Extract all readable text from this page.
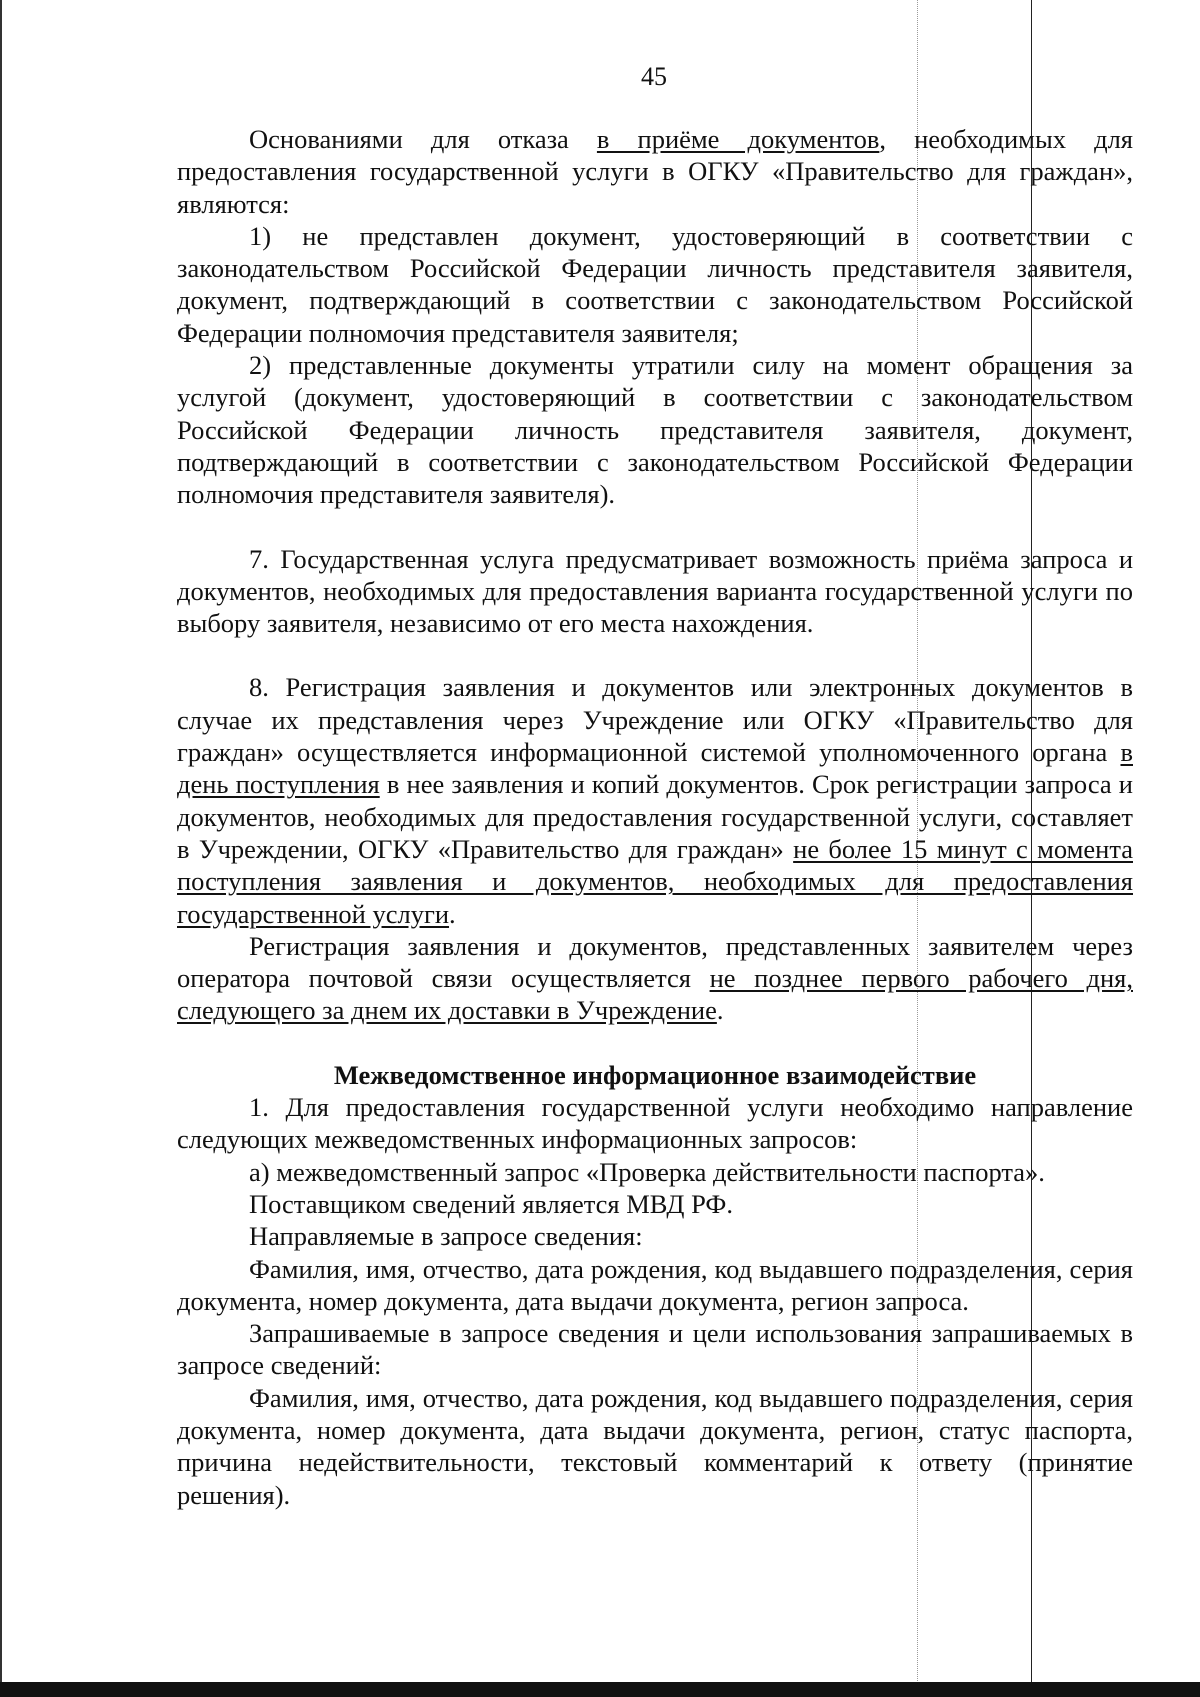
45

Основаниями для отказа в приёме документов, необходимых для предоставления государственной услуги в ОГКУ «Правительство для граждан», являются:

1) не представлен документ, удостоверяющий в соответствии с законодательством Российской Федерации личность представителя заявителя, документ, подтверждающий в соответствии с законодательством Российской Федерации полномочия представителя заявителя;

2) представленные документы утратили силу на момент обращения за услугой (документ, удостоверяющий в соответствии с законодательством Российской Федерации личность представителя заявителя, документ, подтверждающий в соответствии с законодательством Российской Федерации полномочия представителя заявителя).

7. Государственная услуга предусматривает возможность приёма запроса и документов, необходимых для предоставления варианта государственной услуги по выбору заявителя, независимо от его места нахождения.

8. Регистрация заявления и документов или электронных документов в случае их представления через Учреждение или ОГКУ «Правительство для граждан» осуществляется информационной системой уполномоченного органа в день поступления в нее заявления и копий документов. Срок регистрации запроса и документов, необходимых для предоставления государственной услуги, составляет в Учреждении, ОГКУ «Правительство для граждан» не более 15 минут с момента поступления заявления и документов, необходимых для предоставления государственной услуги.

Регистрация заявления и документов, представленных заявителем через оператора почтовой связи осуществляется не позднее первого рабочего дня, следующего за днем их доставки в Учреждение.

Межведомственное информационное взаимодействие

1. Для предоставления государственной услуги необходимо направление следующих межведомственных информационных запросов:

а) межведомственный запрос «Проверка действительности паспорта».

Поставщиком сведений является МВД РФ.

Направляемые в запросе сведения:

Фамилия, имя, отчество, дата рождения, код выдавшего подразделения, серия документа, номер документа, дата выдачи документа, регион запроса.

Запрашиваемые в запросе сведения и цели использования запрашиваемых в запросе сведений:

Фамилия, имя, отчество, дата рождения, код выдавшего подразделения, серия документа, номер документа, дата выдачи документа, регион, статус паспорта, причина недействительности, текстовый комментарий к ответу (принятие решения).
